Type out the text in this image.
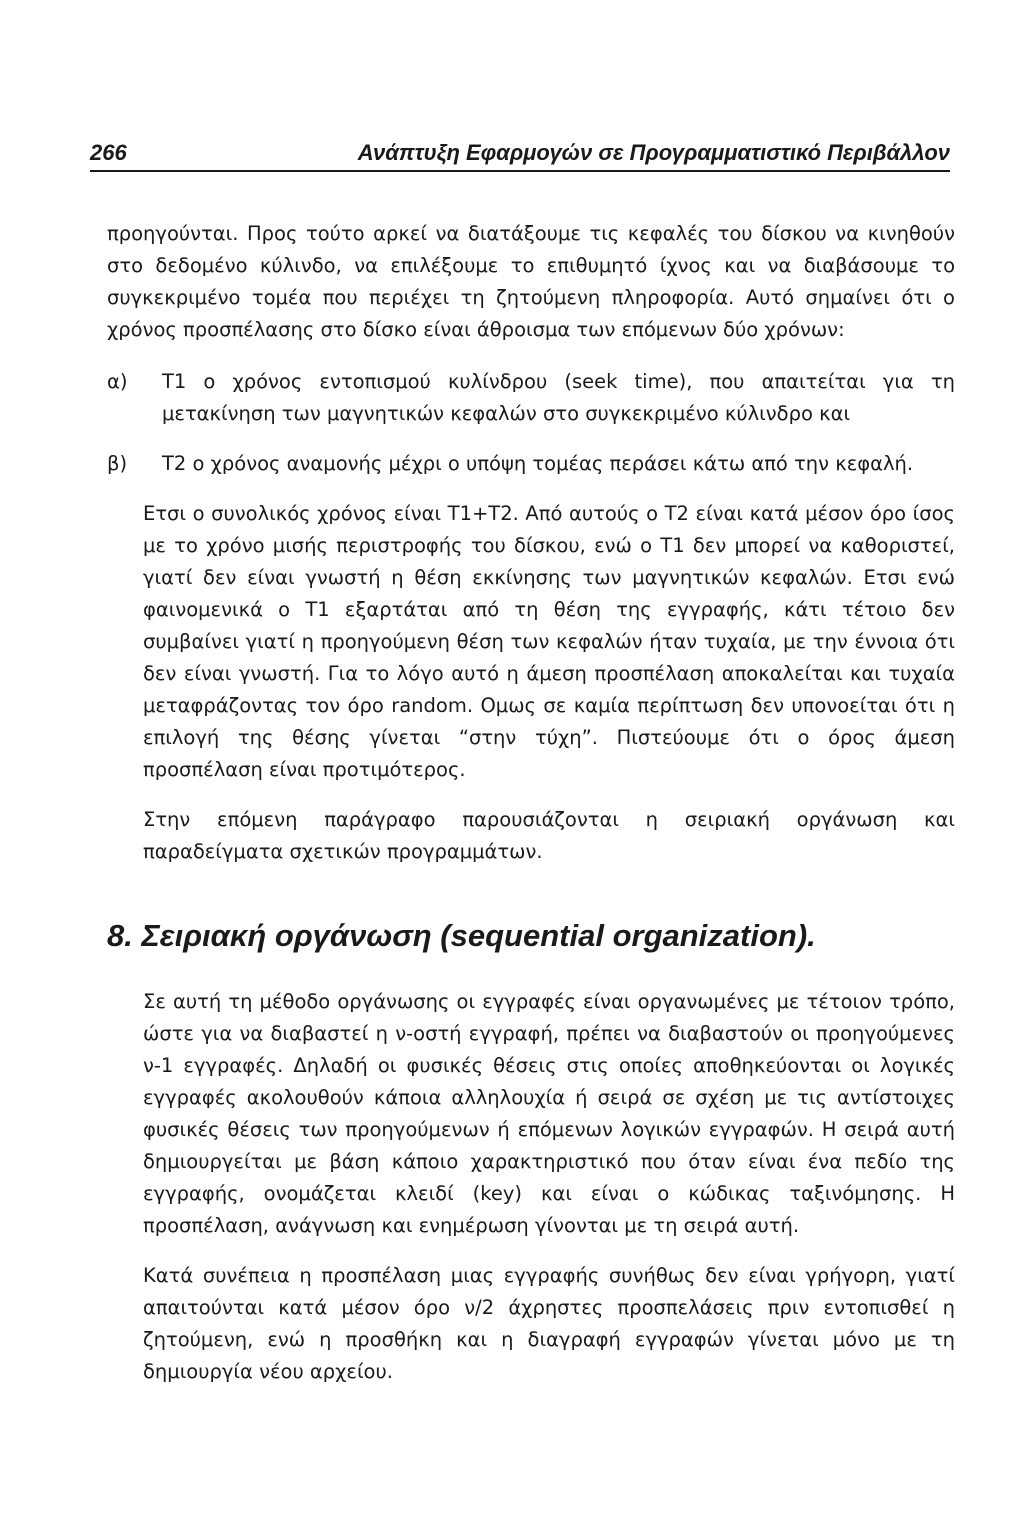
266	Ανάπτυξη Εφαρμογών σε Προγραμματιστικό Περιβάλλον

προηγούνται. Προς τούτο αρκεί να διατάξουμε τις κεφαλές του δίσκου να κινηθούν στο δεδομένο κύλινδο, να επιλέξουμε το επιθυμητό ίχνος και να διαβάσουμε το συγκεκριμένο τομέα που περιέχει τη ζητούμενη πληροφορία. Αυτό σημαίνει ότι ο χρόνος προσπέλασης στο δίσκο είναι άθροισμα των επόμενων δύο χρόνων:

α)	Τ1 ο χρόνος εντοπισμού κυλίνδρου (seek time), που απαιτείται για τη μετακίνηση των μαγνητικών κεφαλών στο συγκεκριμένο κύλινδρο και
β)	Τ2 ο χρόνος αναμονής μέχρι ο υπόψη τομέας περάσει κάτω από την κεφαλή.

Ετσι ο συνολικός χρόνος είναι Τ1+Τ2. Από αυτούς ο Τ2 είναι κατά μέσον όρο ίσος με το χρόνο μισής περιστροφής του δίσκου, ενώ ο Τ1 δεν μπορεί να καθοριστεί, γιατί δεν είναι γνωστή η θέση εκκίνησης των μαγνητικών κεφαλών. Ετσι ενώ φαινομενικά ο Τ1 εξαρτάται από τη θέση της εγγραφής, κάτι τέτοιο δεν συμβαίνει γιατί η προηγούμενη θέση των κεφαλών ήταν τυχαία, με την έννοια ότι δεν είναι γνωστή. Για το λόγο αυτό η άμεση προσπέλαση αποκαλείται και τυχαία μεταφράζοντας τον όρο random. Ομως σε καμία περίπτωση δεν υπονοείται ότι η επιλογή της θέσης γίνεται “στην τύχη”. Πιστεύουμε ότι ο όρος άμεση προσπέλαση είναι προτιμότερος.

Στην επόμενη παράγραφο παρουσιάζονται η σειριακή οργάνωση και παραδείγματα σχετικών προγραμμάτων.

8. Σειριακή οργάνωση (sequential organization).

Σε αυτή τη μέθοδο οργάνωσης οι εγγραφές είναι οργανωμένες με τέτοιον τρόπο, ώστε για να διαβαστεί η ν-οστή εγγραφή, πρέπει να διαβαστούν οι προηγούμενες ν-1 εγγραφές. Δηλαδή οι φυσικές θέσεις στις οποίες αποθηκεύονται οι λογικές εγγραφές ακολουθούν κάποια αλληλουχία ή σειρά σε σχέση με τις αντίστοιχες φυσικές θέσεις των προηγούμενων ή επόμενων λογικών εγγραφών. Η σειρά αυτή δημιουργείται με βάση κάποιο χαρακτηριστικό που όταν είναι ένα πεδίο της εγγραφής, ονομάζεται κλειδί (key) και είναι ο κώδικας ταξινόμησης. Η προσπέλαση, ανάγνωση και ενημέρωση γίνονται με τη σειρά αυτή.

Κατά συνέπεια η προσπέλαση μιας εγγραφής συνήθως δεν είναι γρήγορη, γιατί απαιτούνται κατά μέσον όρο ν/2 άχρηστες προσπελάσεις πριν εντοπισθεί η ζητούμενη, ενώ η προσθήκη και η διαγραφή εγγραφών γίνεται μόνο με τη δημιουργία νέου αρχείου.
